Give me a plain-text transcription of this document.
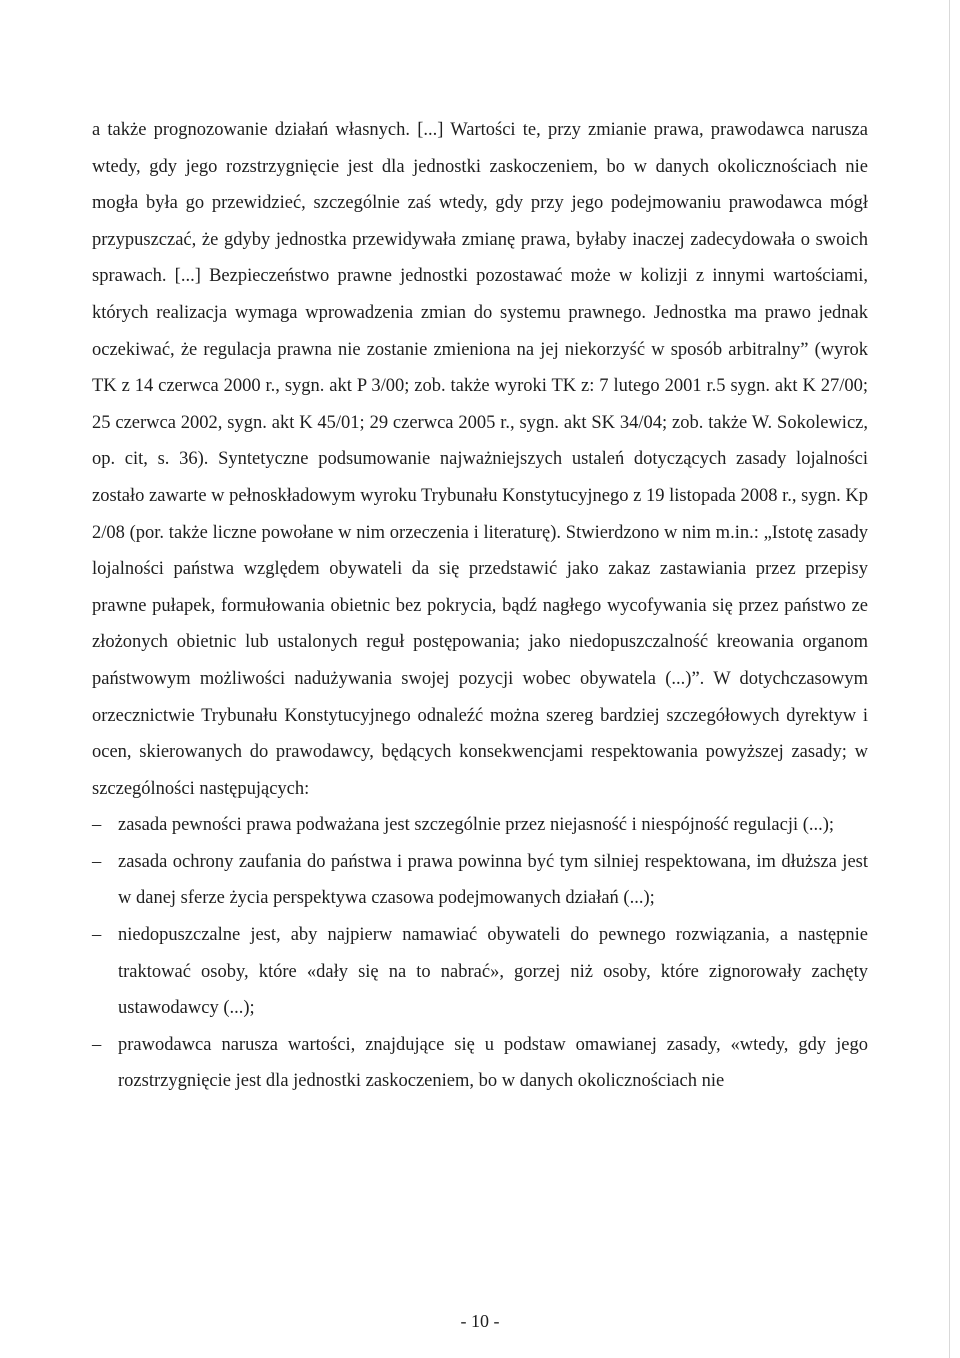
a także prognozowanie działań własnych. [...] Wartości te, przy zmianie prawa, prawodawca narusza wtedy, gdy jego rozstrzygnięcie jest dla jednostki zaskoczeniem, bo w danych okolicznościach nie mogła była go przewidzieć, szczególnie zaś wtedy, gdy przy jego podejmowaniu prawodawca mógł przypuszczać, że gdyby jednostka przewidywała zmianę prawa, byłaby inaczej zadecydowała o swoich sprawach. [...] Bezpieczeństwo prawne jednostki pozostawać może w kolizji z innymi wartościami, których realizacja wymaga wprowadzenia zmian do systemu prawnego. Jednostka ma prawo jednak oczekiwać, że regulacja prawna nie zostanie zmieniona na jej niekorzyść w sposób arbitralny” (wyrok TK z 14 czerwca 2000 r., sygn. akt P 3/00; zob. także wyroki TK z: 7 lutego 2001 r.5 sygn. akt K 27/00; 25 czerwca 2002, sygn. akt K 45/01; 29 czerwca 2005 r., sygn. akt SK 34/04; zob. także W. Sokolewicz, op. cit, s. 36). Syntetyczne podsumowanie najważniejszych ustaleń dotyczących zasady lojalności zostało zawarte w pełnoskładowym wyroku Trybunału Konstytucyjnego z 19 listopada 2008 r., sygn. Kp 2/08 (por. także liczne powołane w nim orzeczenia i literaturę). Stwierdzono w nim m.in.: „Istotę zasady lojalności państwa względem obywateli da się przedstawić jako zakaz zastawiania przez przepisy prawne pułapek, formułowania obietnic bez pokrycia, bądź nagłego wycofywania się przez państwo ze złożonych obietnic lub ustalonych reguł postępowania; jako niedopuszczalność kreowania organom państwowym możliwości nadużywania swojej pozycji wobec obywatela (...)”. W dotychczasowym orzecznictwie Trybunału Konstytucyjnego odnaleźć można szereg bardziej szczegółowych dyrektyw i ocen, skierowanych do prawodawcy, będących konsekwencjami respektowania powyższej zasady; w szczególności następujących:

– zasada pewności prawa podważana jest szczególnie przez niejasność i niespójność regulacji (...);
– zasada ochrony zaufania do państwa i prawa powinna być tym silniej respektowana, im dłuższa jest w danej sferze życia perspektywa czasowa podejmowanych działań (...);
– niedopuszczalne jest, aby najpierw namawiać obywateli do pewnego rozwiązania, a następnie traktować osoby, które «dały się na to nabrać», gorzej niż osoby, które zignorowały zachęty ustawodawcy (...);
– prawodawca narusza wartości, znajdujące się u podstaw omawianej zasady, «wtedy, gdy jego rozstrzygnięcie jest dla jednostki zaskoczeniem, bo w danych okolicznościach nie
- 10 -
